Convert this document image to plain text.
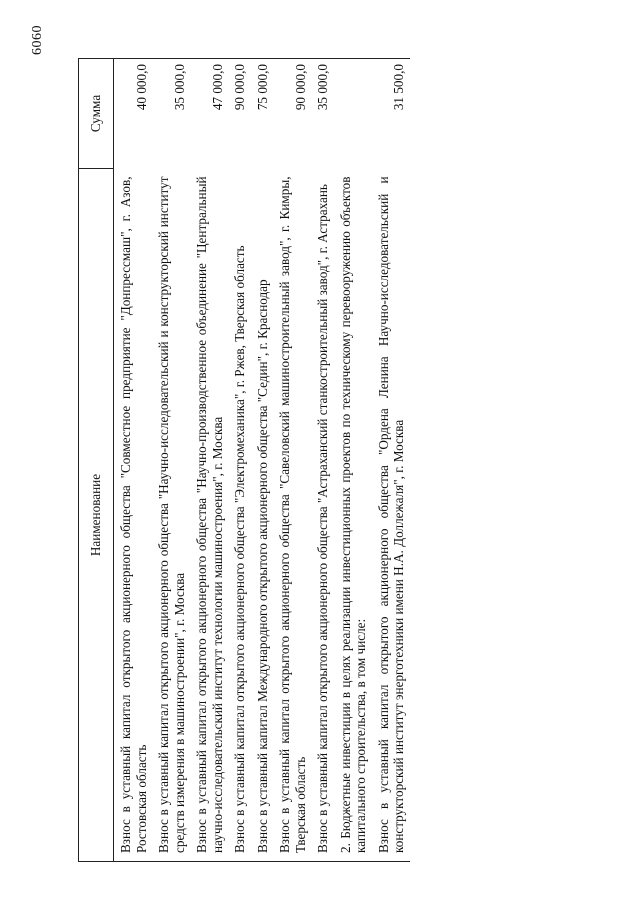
6060
Наименование	Сумма
Взнос в уставный капитал открытого акционерного общества "Совместное предприятие "Донпрессмаш", г. Азов, Ростовская область	40 000,0
Взнос в уставный капитал открытого акционерного общества "Научно-исследовательский и конструкторский институт средств измерения в машиностроении", г. Москва	35 000,0
Взнос в уставный капитал открытого акционерного общества "Научно-производственное объединение "Центральный научно-исследовательский институт технологии машиностроения", г. Москва	47 000,0
Взнос в уставный капитал открытого акционерного общества "Электромеханика", г. Ржев, Тверская область	90 000,0
Взнос в уставный капитал Международного открытого акционерного общества "Седин", г. Краснодар	75 000,0
Взнос в уставный капитал открытого акционерного общества "Савеловский машиностроительный завод", г. Кимры, Тверская область	90 000,0
Взнос в уставный капитал открытого акционерного общества "Астраханский станкостроительный завод", г. Астрахань	35 000,0
2. Бюджетные инвестиции в целях реализации инвестиционных проектов по техническому перевооружению объектов капитального строительства, в том числе:	
Взнос в уставный капитал открытого акционерного общества "Ордена Ленина Научно-исследовательский и конструкторский институт энерготехники имени Н.А. Доллежаля", г. Москва	31 500,0
